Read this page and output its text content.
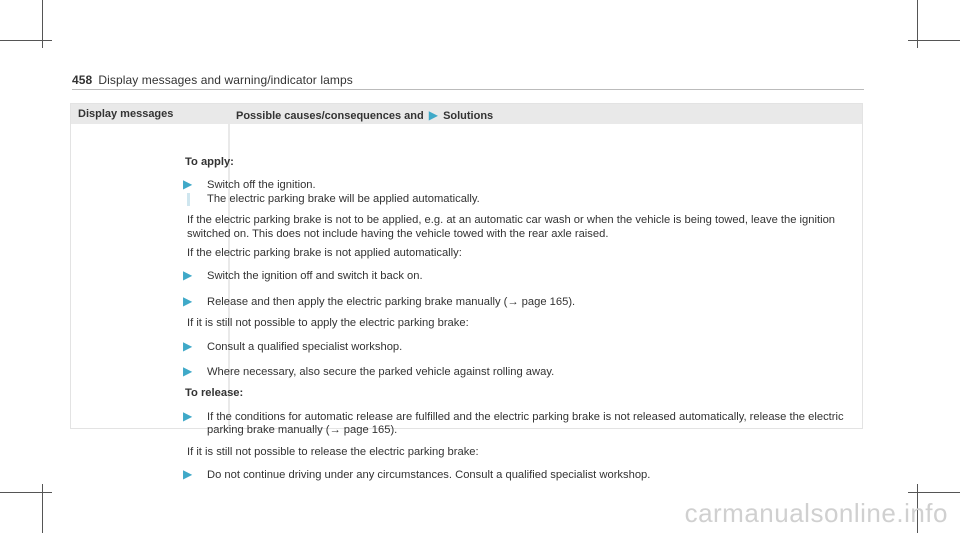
458 Display messages and warning/indicator lamps
Display messages	Possible causes/consequences and ▶ Solutions
To apply:
▶ Switch off the ignition.
The electric parking brake will be applied automatically.
If the electric parking brake is not to be applied, e.g. at an automatic car wash or when the vehicle is being towed, leave the ignition switched on. This does not include having the vehicle towed with the rear axle raised.
If the electric parking brake is not applied automatically:
▶ Switch the ignition off and switch it back on.
▶ Release and then apply the electric parking brake manually (→ page 165).
If it is still not possible to apply the electric parking brake:
▶ Consult a qualified specialist workshop.
▶ Where necessary, also secure the parked vehicle against rolling away.
To release:
▶ If the conditions for automatic release are fulfilled and the electric parking brake is not released automatically, release the electric parking brake manually (→ page 165).
If it is still not possible to release the electric parking brake:
▶ Do not continue driving under any circumstances. Consult a qualified specialist workshop.
carmanualsonline.info
